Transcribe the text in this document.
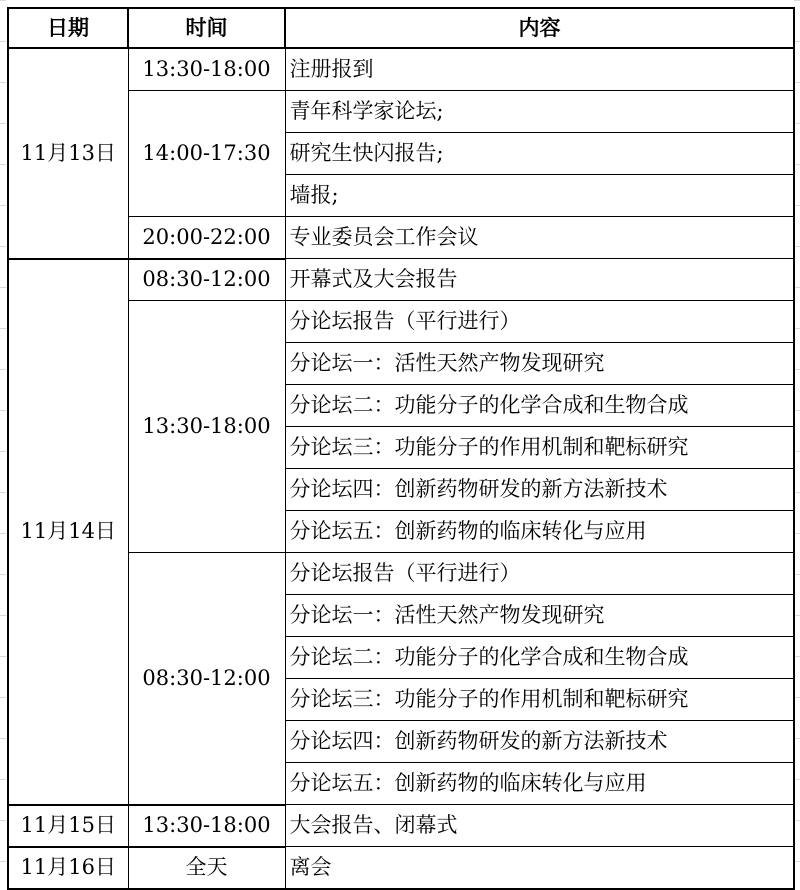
日期	时间	内容
11月13日	13:30-18:00	注册报到
	14:00-17:30	青年科学家论坛;
		研究生快闪报告;
		墙报;
	20:00-22:00	专业委员会工作会议
11月14日	08:30-12:00	开幕式及大会报告
	13:30-18:00	分论坛报告（平行进行）
		分论坛一：活性天然产物发现研究
		分论坛二：功能分子的化学合成和生物合成
		分论坛三：功能分子的作用机制和靶标研究
		分论坛四：创新药物研发的新方法新技术
		分论坛五：创新药物的临床转化与应用
	08:30-12:00	分论坛报告（平行进行）
		分论坛一：活性天然产物发现研究
		分论坛二：功能分子的化学合成和生物合成
		分论坛三：功能分子的作用机制和靶标研究
		分论坛四：创新药物研发的新方法新技术
		分论坛五：创新药物的临床转化与应用
11月15日	13:30-18:00	大会报告、闭幕式
11月16日	全天	离会
